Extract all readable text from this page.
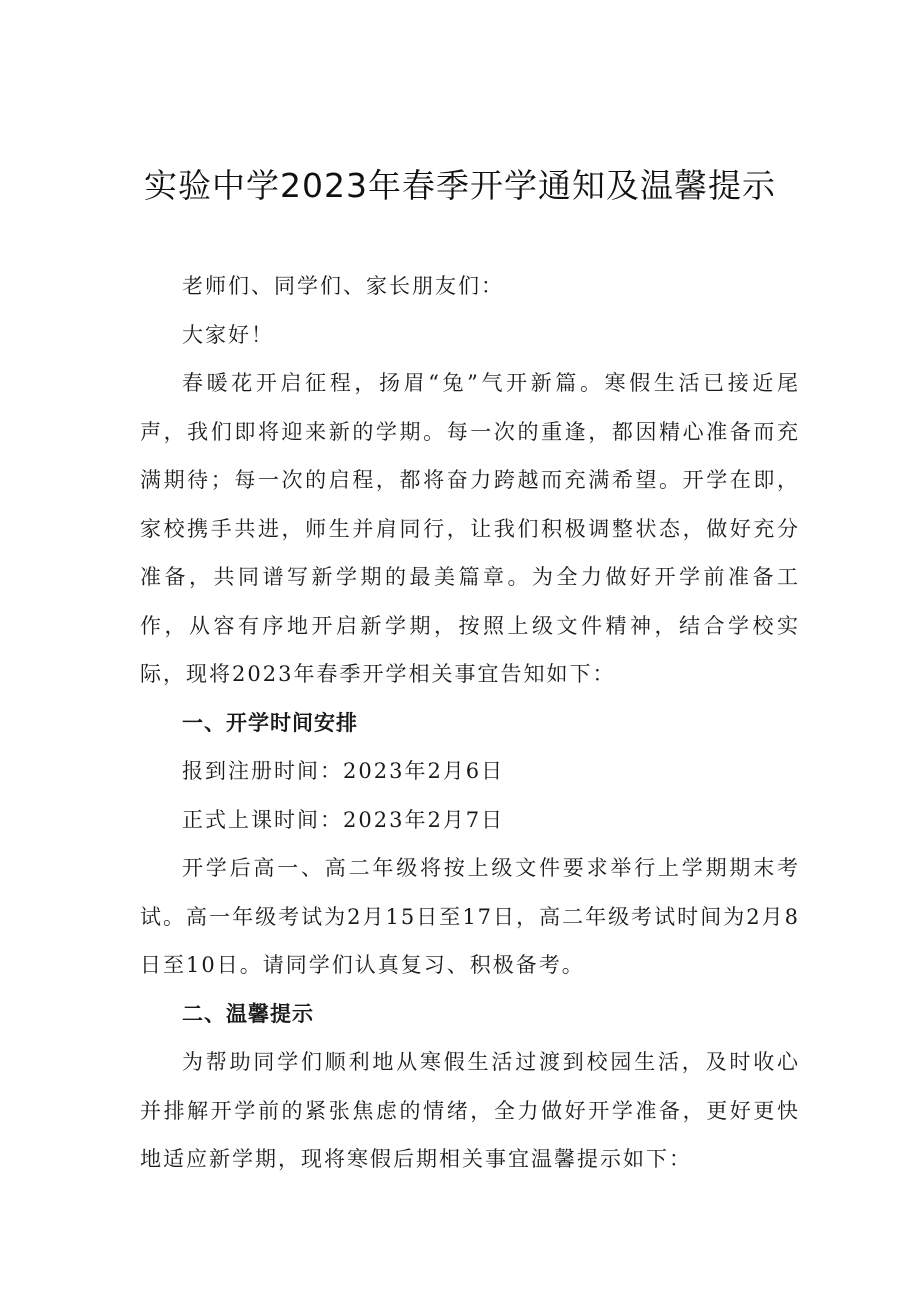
实验中学2023年春季开学通知及温馨提示

老师们、同学们、家长朋友们：

大家好！

春暖花开启征程，扬眉“兔”气开新篇。寒假生活已接近尾声，我们即将迎来新的学期。每一次的重逢，都因精心准备而充满期待；每一次的启程，都将奋力跨越而充满希望。开学在即，家校携手共进，师生并肩同行，让我们积极调整状态，做好充分准备，共同谱写新学期的最美篇章。为全力做好开学前准备工作，从容有序地开启新学期，按照上级文件精神，结合学校实际，现将2023年春季开学相关事宜告知如下：

一、开学时间安排

报到注册时间：2023年2月6日

正式上课时间：2023年2月7日

开学后高一、高二年级将按上级文件要求举行上学期期末考试。高一年级考试为2月15日至17日，高二年级考试时间为2月8日至10日。请同学们认真复习、积极备考。

二、温馨提示

为帮助同学们顺利地从寒假生活过渡到校园生活，及时收心并排解开学前的紧张焦虑的情绪，全力做好开学准备，更好更快地适应新学期，现将寒假后期相关事宜温馨提示如下：
